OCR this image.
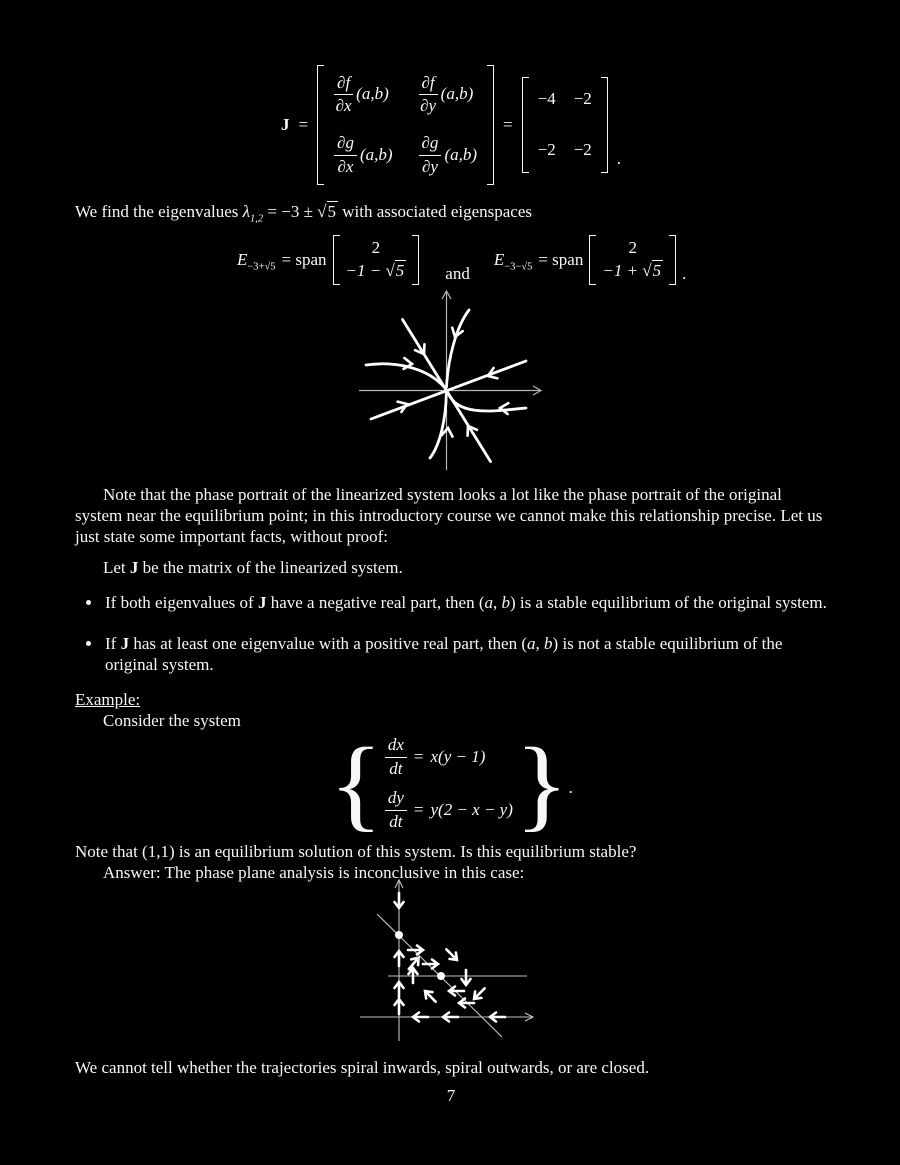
J =
$\frac{\partial f}{\partial x} (a,b) \frac{\partial f}{\partial y} (a,b)$
$\frac{\partial g}{\partial x} (a,b) \frac{\partial g}{\partial y} (a,b)$
=
−4 −2
−2 −2 .

We find the eigenvalues $\lambda_{1,2} = -3 \pm √5$ with associated eigenspaces

$E_{-3+√5}$ = span
2
−1 − √5 and
$E_{-3-√5}$ = span
2
−1 + √5 .

Note that the phase portrait of the linearized system looks a lot like the phase portrait of the original system near the equilibrium point; in this introductory course we cannot make this relationship precise. Let us just state some important facts, without proof:

Let J be the matrix of the linearized system.

• If both eigenvalues of J have a negative real part, then (a, b) is a stable equilibrium of the original system.
• If J has at least one eigenvalue with a positive real part, then (a, b) is not a stable equilibrium of the original system.

Example:

Consider the system

{ $\frac{dx}{dt} = x(y - 1)$
$\frac{dy}{dt} = y(2 - x - y)$ } .

Note that (1,1) is an equilibrium solution of this system. Is this equilibrium stable?

Answer: The phase plane analysis is inconclusive in this case:

We cannot tell whether the trajectories spiral inwards, spiral outwards, or are closed.

7
